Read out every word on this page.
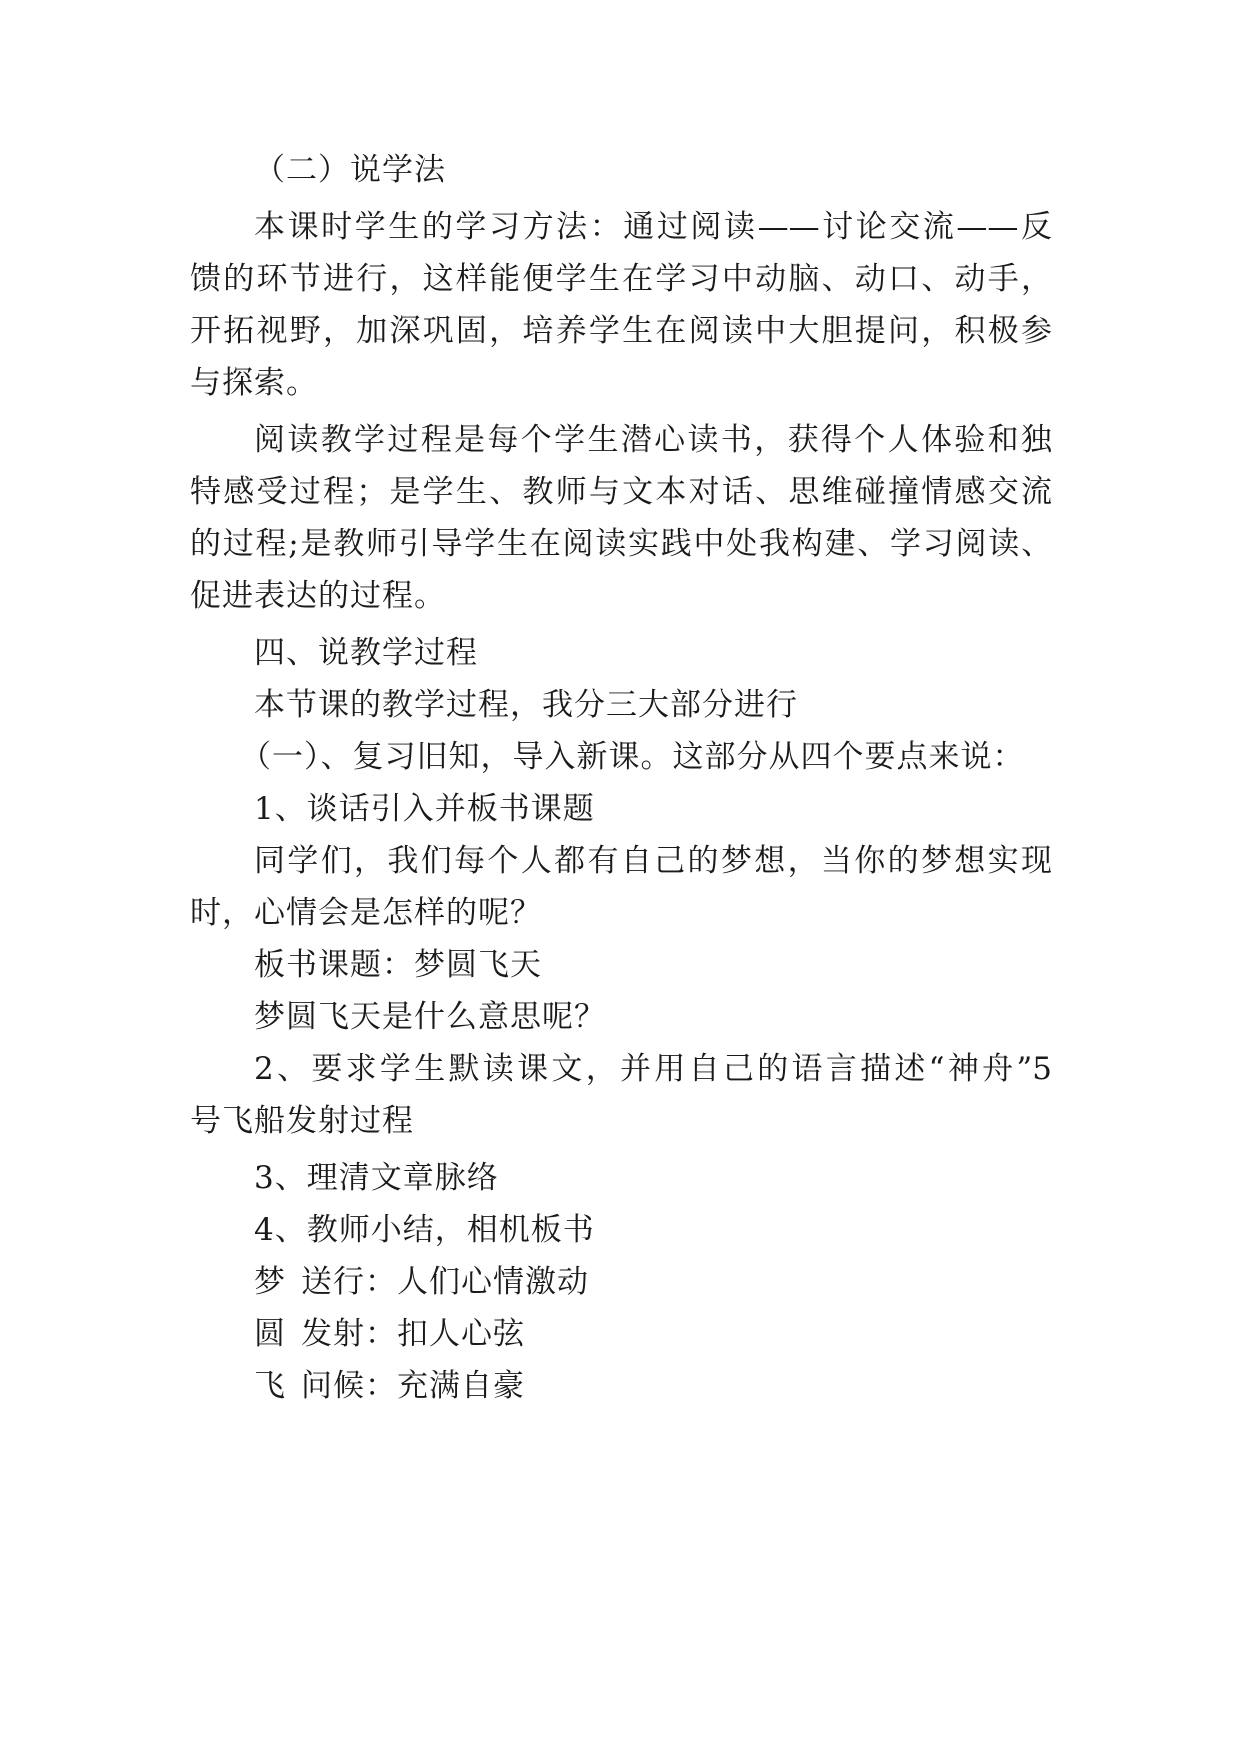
（二）说学法
本课时学生的学习方法：通过阅读——讨论交流——反
馈的环节进行，这样能便学生在学习中动脑、动口、动手，
开拓视野，加深巩固，培养学生在阅读中大胆提问，积极参
与探索。
阅读教学过程是每个学生潜心读书，获得个人体验和独
特感受过程；是学生、教师与文本对话、思维碰撞情感交流
的过程;是教师引导学生在阅读实践中处我构建、学习阅读、
促进表达的过程。
四、说教学过程
本节课的教学过程，我分三大部分进行
（一）、复习旧知，导入新课。这部分从四个要点来说：
1、谈话引入并板书课题
同学们，我们每个人都有自己的梦想，当你的梦想实现
时，心情会是怎样的呢？
板书课题：梦圆飞天
梦圆飞天是什么意思呢？
2、要求学生默读课文，并用自己的语言描述“神舟”5
号飞船发射过程
3、理清文章脉络
4、教师小结，相机板书
梦 送行：人们心情激动
圆 发射：扣人心弦
飞 问候：充满自豪
